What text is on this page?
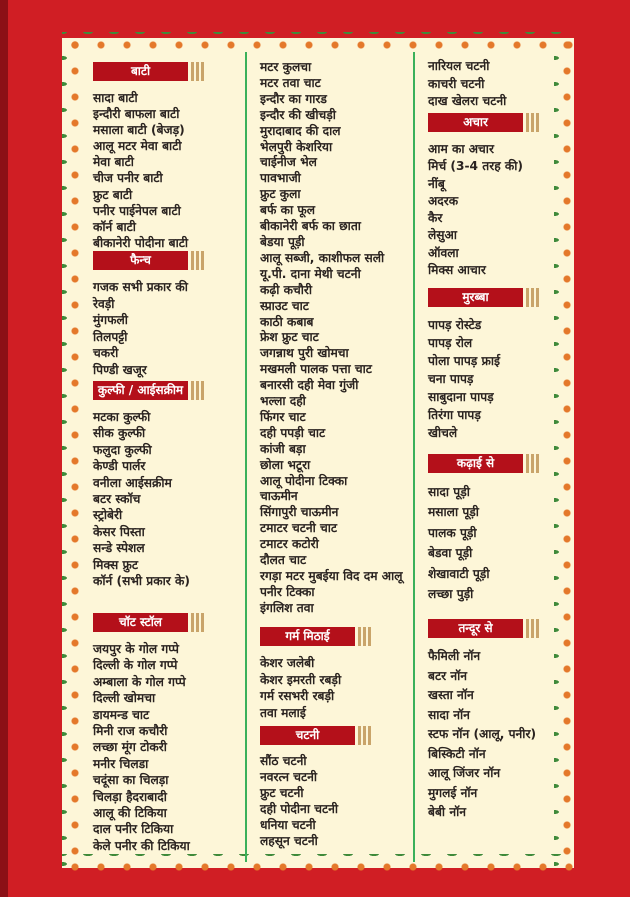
बाटी
सादा बाटी
इन्दौरी बाफला बाटी
मसाला बाटी (बेजड़)
आलू मटर मेवा बाटी
मेवा बाटी
चीज पनीर बाटी
फ्रुट बाटी
पनीर पाईनेपल बाटी
कॉर्न बाटी
बीकानेरी पोदीना बाटी
फैन्च
गजक सभी प्रकार की
रेवड़ी
मुंगफली
तिलपट्टी
चकरी
पिण्डी खजूर
कुल्फी / आईसक्रीम
मटका कुल्फी
सीक कुल्फी
फलुदा कुल्फी
केण्डी पार्लर
वनीला आईसक्रीम
बटर स्कॉच
स्ट्रोबेरी
केसर पिस्ता
सन्डे स्पेशल
मिक्स फ्रुट
कॉर्न (सभी प्रकार के)
चॉट स्टॉल
जयपुर के गोल गप्पे
दिल्ली के गोल गप्पे
अम्बाला के गोल गप्पे
दिल्ली खोमचा
डायमन्ड चाट
मिनी राज कचौरी
लच्छा मूंग टोकरी
मनीर चिलडा
चदूंसा का चिलड़ा
चिलड़ा हैदराबादी
आलू की टिकिया
दाल पनीर टिकिया
केले पनीर की टिकिया
मटर कुलचा
मटर तवा चाट
इन्दौर का गारड
इन्दौर की खीचड़ी
मुरादाबाद की दाल
भेलपुरी केशरिया
चाईनीज भेल
पावभाजी
फ्रुट कुला
बर्फ का फूल
बीकानेरी बर्फ का छाता
बेडया पूड़ी
आलू सब्जी, काशीफल सली
यू.पी. दाना मेथी चटनी
कढ़ी कचौरी
स्प्राउट चाट
काठी कबाब
फ्रेश फ्रुट चाट
जगन्नाथ पुरी खोमचा
मखमली पालक पत्ता चाट
बनारसी दही मेवा गुंजी
भल्ला दही
फिंगर चाट
दही पपड़ी चाट
कांजी बड़ा
छोला भटूरा
आलू पोदीना टिक्का
चाऊमीन
सिंगापुरी चाऊमीन
टमाटर चटनी चाट
टमाटर कटोरी
दौलत चाट
रगड़ा मटर मुबईया विद दम आलू
पनीर टिक्का
इंगलिश तवा
गर्म मिठाई
केशर जलेबी
केशर इमरती रबड़ी
गर्म रसभरी रबड़ी
तवा मलाई
चटनी
सौंठ चटनी
नवरत्न चटनी
फ्रुट चटनी
दही पोदीना चटनी
धनिया चटनी
लहसून चटनी
नारियल चटनी
काचरी चटनी
दाख खेलरा चटनी
अचार
आम का अचार
मिर्च (3-4 तरह की)
नींबू
अदरक
कैर
लेसुआ
ऑवला
मिक्स आचार
मुरब्बा
पापड़ रोस्टेड
पापड़ रोल
पोला पापड़ फ्राई
चना पापड़
साबुदाना पापड़
तिरंगा पापड़
खीचले
कढ़ाई से
सादा पूड़ी
मसाला पूड़ी
पालक पूड़ी
बेडवा पूड़ी
शेखावाटी पूड़ी
लच्छा पुड़ी
तन्दूर से
फैमिली नॉन
बटर नॉन
खस्ता नॉन
सादा नॉन
स्टफ नॉन (आलू, पनीर)
बिस्किटी नॉन
आलू जिंजर नॉन
मुगलई नॉन
बेबी नॉन
